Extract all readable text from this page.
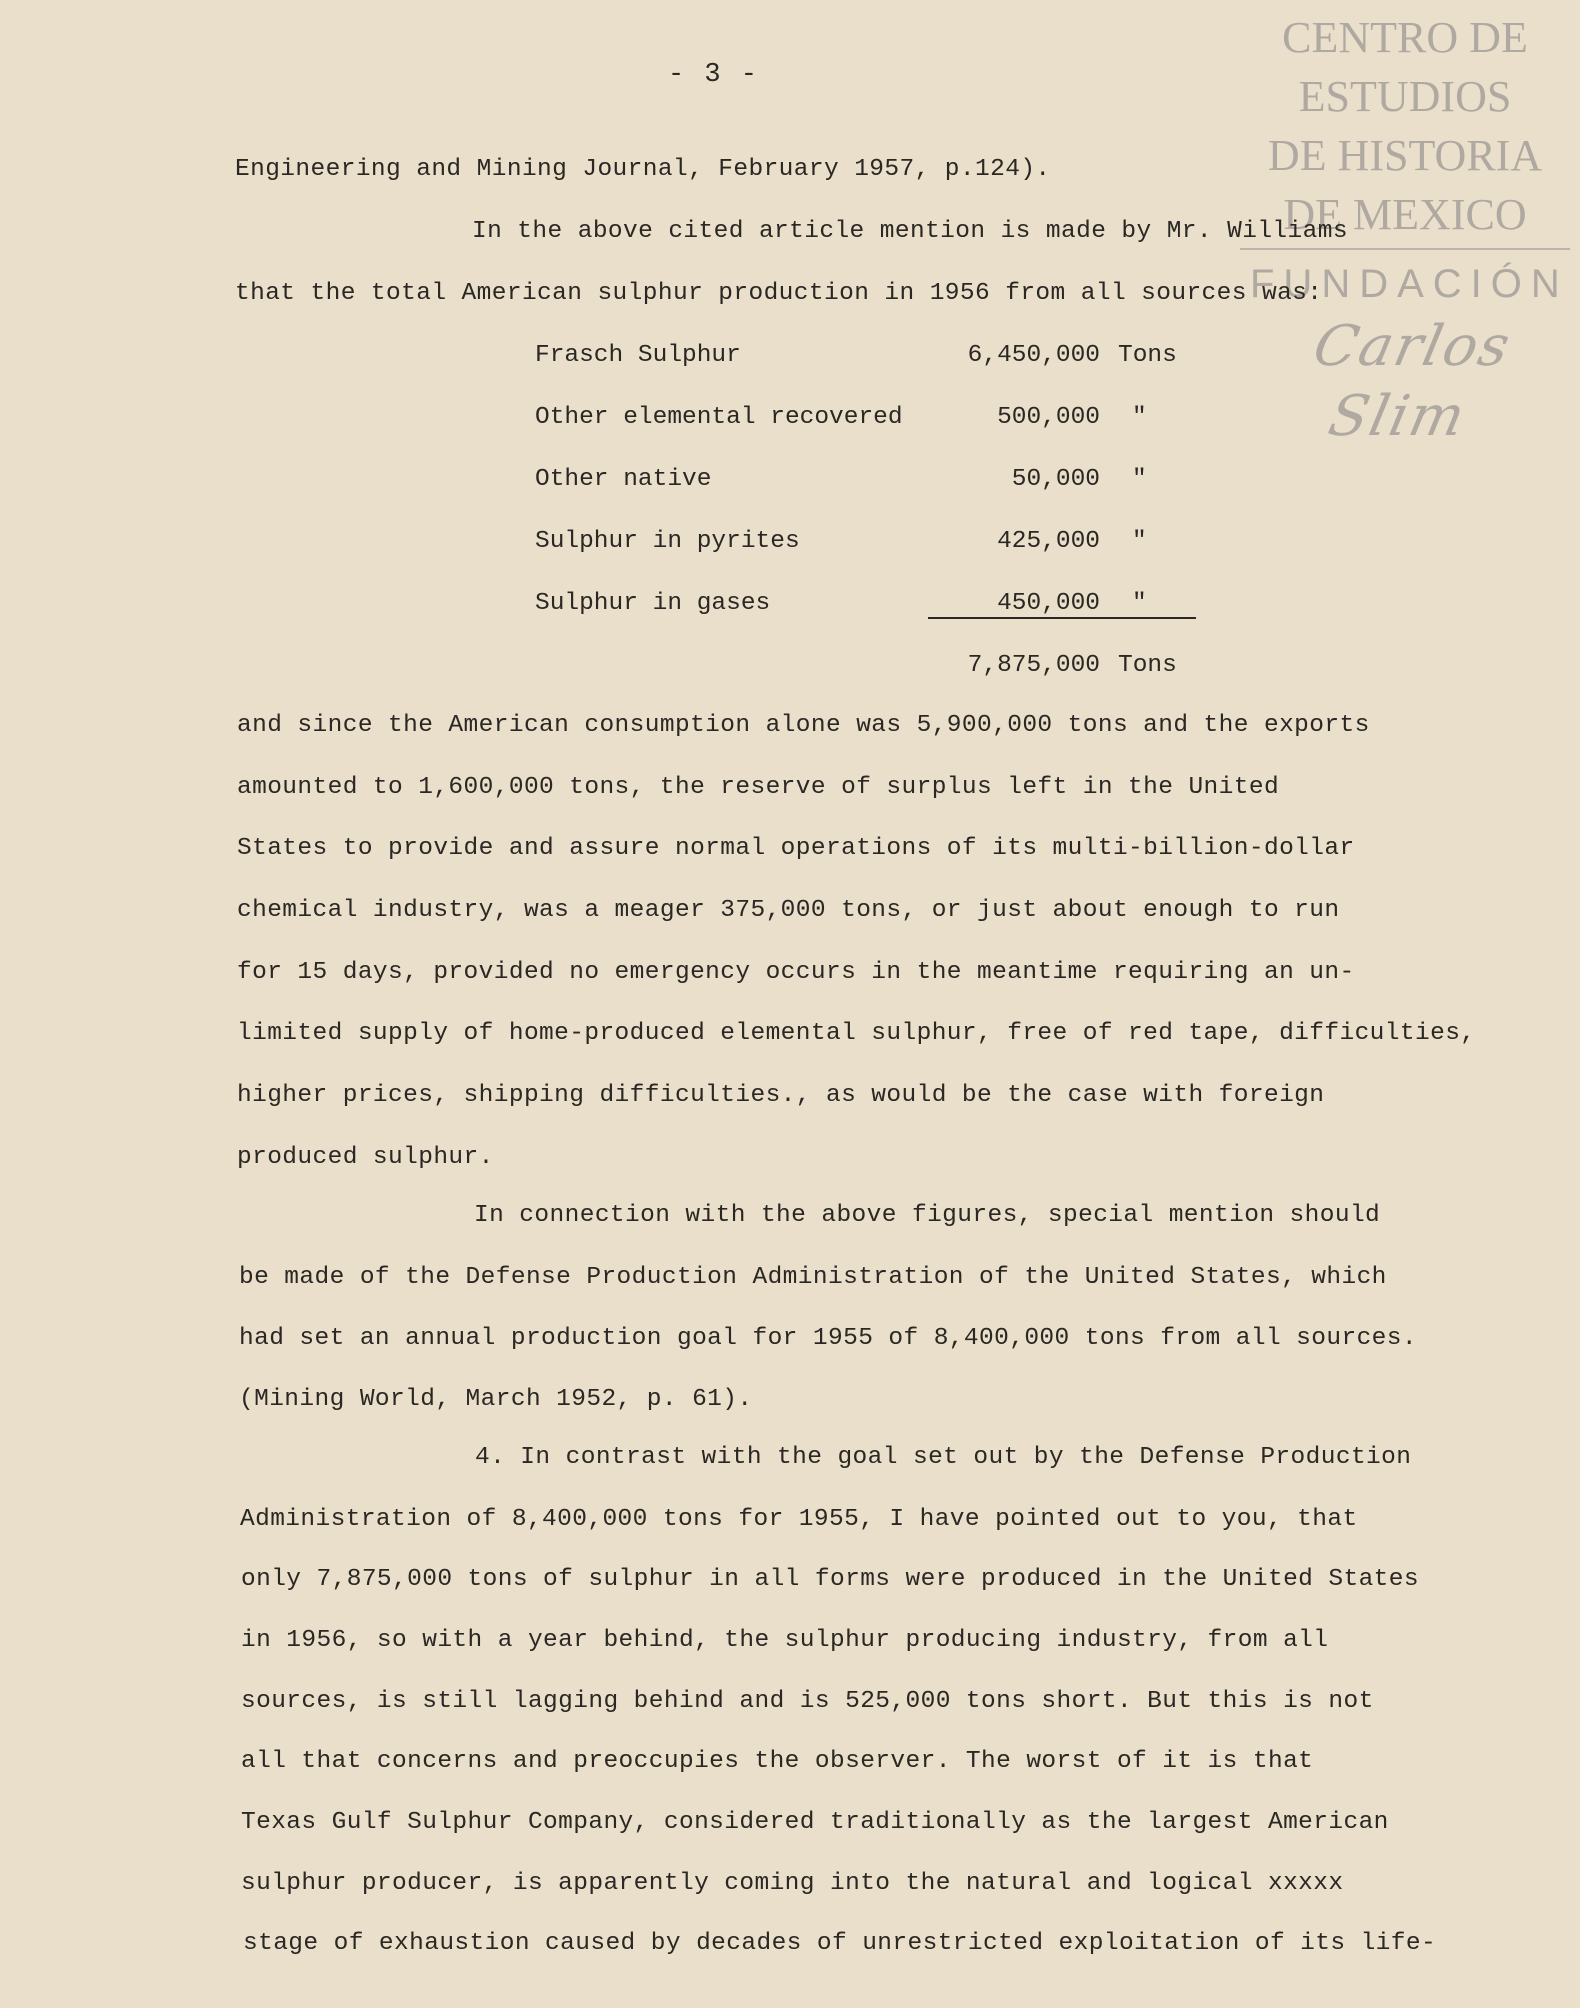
CENTRO DE
ESTUDIOS
DE HISTORIA
DE MEXICO
FUNDACIÓN
Carlos Slim
- 3 -
Engineering and Mining Journal, February 1957, p.124).
In the above cited article mention is made by Mr. Williams
that the total American sulphur production in 1956 from all sources was:
Frasch Sulphur	6,450,000 Tons
Other elemental recovered	500,000 "
Other native	50,000 "
Sulphur in pyrites	425,000 "
Sulphur in gases	450,000 "
7,875,000 Tons
and since the American consumption alone was 5,900,000 tons and the exports
amounted to 1,600,000 tons, the reserve of surplus left in the United
States to provide and assure normal operations of its multi-billion-dollar
chemical industry, was a meager 375,000 tons, or just about enough to run
for 15 days, provided no emergency occurs in the meantime requiring an un-
limited supply of home-produced elemental sulphur, free of red tape, difficulties,
higher prices, shipping difficulties., as would be the case with foreign
produced sulphur.
In connection with the above figures, special mention should
be made of the Defense Production Administration of the United States, which
had set an annual production goal for 1955 of 8,400,000 tons from all sources.
(Mining World, March 1952, p. 61).
4. In contrast with the goal set out by the Defense Production
Administration of 8,400,000 tons for 1955, I have pointed out to you, that
only 7,875,000 tons of sulphur in all forms were produced in the United States
in 1956, so with a year behind, the sulphur producing industry, from all
sources, is still lagging behind and is 525,000 tons short. But this is not
all that concerns and preoccupies the observer. The worst of it is that
Texas Gulf Sulphur Company, considered traditionally as the largest American
sulphur producer, is apparently coming into the natural and logical xxxxx
stage of exhaustion caused by decades of unrestricted exploitation of its life-
